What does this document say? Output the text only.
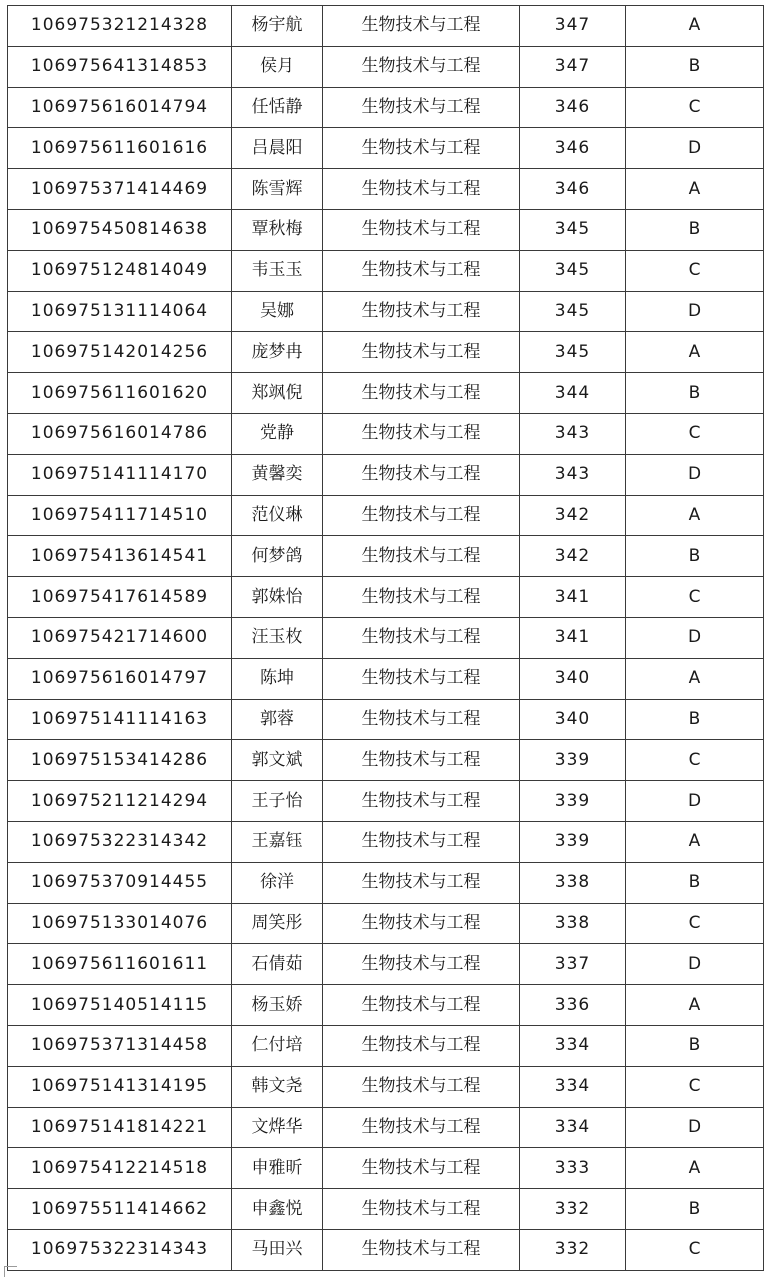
106975321214328	杨宇航	生物技术与工程	347	A
106975641314853	侯月	生物技术与工程	347	B
106975616014794	任恬静	生物技术与工程	346	C
106975611601616	吕晨阳	生物技术与工程	346	D
106975371414469	陈雪辉	生物技术与工程	346	A
106975450814638	覃秋梅	生物技术与工程	345	B
106975124814049	韦玉玉	生物技术与工程	345	C
106975131114064	吴娜	生物技术与工程	345	D
106975142014256	庞梦冉	生物技术与工程	345	A
106975611601620	郑飒倪	生物技术与工程	344	B
106975616014786	党静	生物技术与工程	343	C
106975141114170	黄馨奕	生物技术与工程	343	D
106975411714510	范仪琳	生物技术与工程	342	A
106975413614541	何梦鸽	生物技术与工程	342	B
106975417614589	郭姝怡	生物技术与工程	341	C
106975421714600	汪玉枚	生物技术与工程	341	D
106975616014797	陈坤	生物技术与工程	340	A
106975141114163	郭蓉	生物技术与工程	340	B
106975153414286	郭文斌	生物技术与工程	339	C
106975211214294	王子怡	生物技术与工程	339	D
106975322314342	王嘉钰	生物技术与工程	339	A
106975370914455	徐洋	生物技术与工程	338	B
106975133014076	周笑彤	生物技术与工程	338	C
106975611601611	石倩茹	生物技术与工程	337	D
106975140514115	杨玉娇	生物技术与工程	336	A
106975371314458	仁付培	生物技术与工程	334	B
106975141314195	韩文尧	生物技术与工程	334	C
106975141814221	文烨华	生物技术与工程	334	D
106975412214518	申雅昕	生物技术与工程	333	A
106975511414662	申鑫悦	生物技术与工程	332	B
106975322314343	马田兴	生物技术与工程	332	C
